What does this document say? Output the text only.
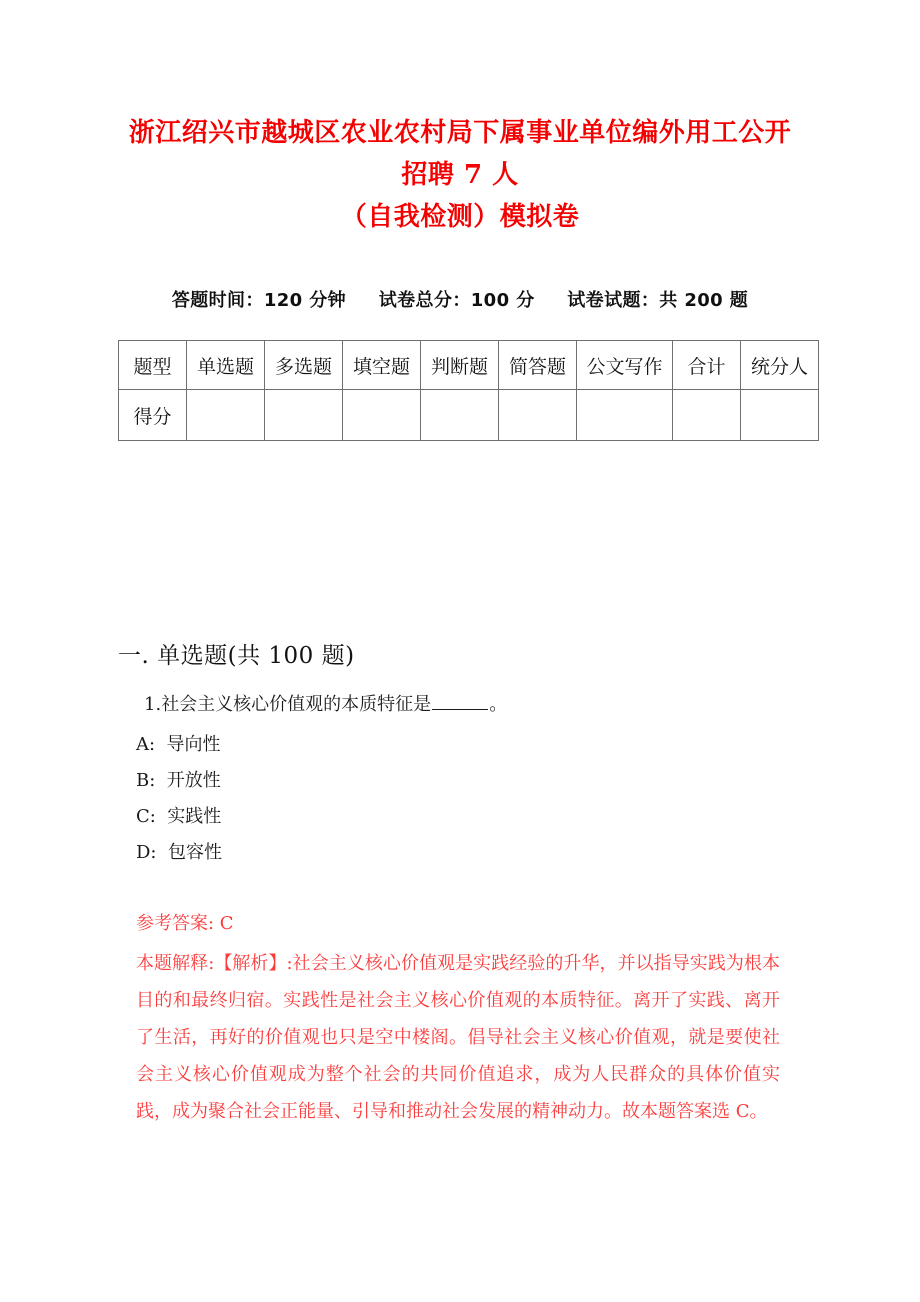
浙江绍兴市越城区农业农村局下属事业单位编外用工公开招聘 7 人
（自我检测）模拟卷
答题时间：120 分钟 试卷总分：100 分 试卷试题：共 200 题
题型	单选题	多选题	填空题	判断题	简答题	公文写作	合计	统分人
得分								
一. 单选题(共 100 题)
1.社会主义核心价值观的本质特征是	。
A: 导向性
B: 开放性
C: 实践性
D: 包容性
参考答案: C
本题解释:【解析】:社会主义核心价值观是实践经验的升华，并以指导实践为根本目的和最终归宿。实践性是社会主义核心价值观的本质特征。离开了实践、离开了生活，再好的价值观也只是空中楼阁。倡导社会主义核心价值观，就是要使社会主义核心价值观成为整个社会的共同价值追求，成为人民群众的具体价值实践，成为聚合社会正能量、引导和推动社会发展的精神动力。故本题答案选 C。
